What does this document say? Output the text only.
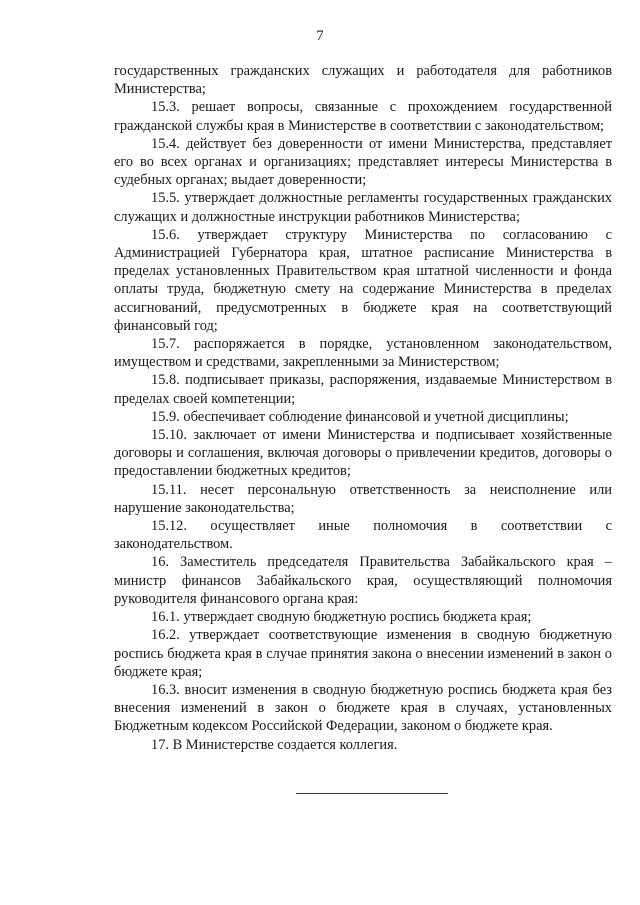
7

государственных гражданских служащих и работодателя для работников Министерства;

15.3. решает вопросы, связанные с прохождением государственной гражданской службы края в Министерстве в соответствии с законодательством;

15.4. действует без доверенности от имени Министерства, представляет его во всех органах и организациях; представляет интересы Министерства в судебных органах; выдает доверенности;

15.5. утверждает должностные регламенты государственных гражданских служащих и должностные инструкции работников Министерства;

15.6. утверждает структуру Министерства по согласованию с Администрацией Губернатора края, штатное расписание Министерства в пределах установленных Правительством края штатной численности и фонда оплаты труда, бюджетную смету на содержание Министерства в пределах ассигнований, предусмотренных в бюджете края на соответствующий финансовый год;

15.7. распоряжается в порядке, установленном законодательством, имуществом и средствами, закрепленными за Министерством;

15.8. подписывает приказы, распоряжения, издаваемые Министерством в пределах своей компетенции;

15.9. обеспечивает соблюдение финансовой и учетной дисциплины;

15.10. заключает от имени Министерства и подписывает хозяйственные договоры и соглашения, включая договоры о привлечении кредитов, договоры о предоставлении бюджетных кредитов;

15.11. несет персональную ответственность за неисполнение или нарушение законодательства;

15.12. осуществляет иные полномочия в соответствии с законодательством.

16. Заместитель председателя Правительства Забайкальского края – министр финансов Забайкальского края, осуществляющий полномочия руководителя финансового органа края:

16.1. утверждает сводную бюджетную роспись бюджета края;

16.2. утверждает соответствующие изменения в сводную бюджетную роспись бюджета края в случае принятия закона о внесении изменений в закон о бюджете края;

16.3. вносит изменения в сводную бюджетную роспись бюджета края без внесения изменений в закон о бюджете края в случаях, установленных Бюджетным кодексом Российской Федерации, законом о бюджете края.

17. В Министерстве создается коллегия.
